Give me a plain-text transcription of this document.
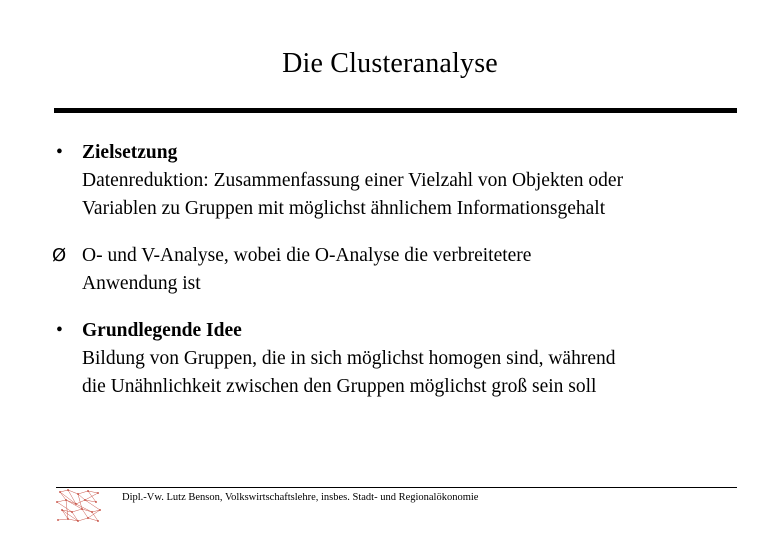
Die Clusteranalyse
• Zielsetzung
Datenreduktion: Zusammenfassung einer Vielzahl von Objekten oder
Variablen zu Gruppen mit möglichst ähnlichem Informationsgehalt
Ø O- und V-Analyse, wobei die O-Analyse die verbreitetere
Anwendung ist
• Grundlegende Idee
Bildung von Gruppen, die in sich möglichst homogen sind, während
die Unähnlichkeit zwischen den Gruppen möglichst groß sein soll
Dipl.-Vw. Lutz Benson, Volkswirtschaftslehre, insbes. Stadt- und Regionalökonomie
